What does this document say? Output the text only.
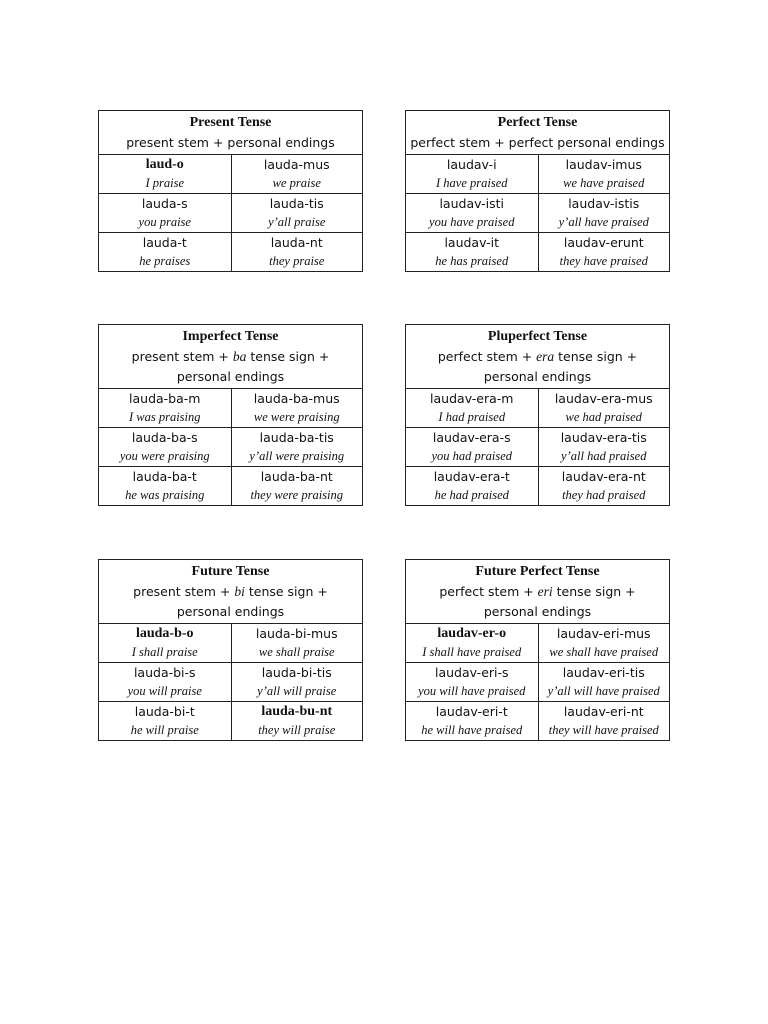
Present Tense
present stem + personal endings
laud-o
I praise
lauda-mus
we praise
lauda-s
you praise
lauda-tis
y’all praise
lauda-t
he praises
lauda-nt
they praise
Perfect Tense
perfect stem + perfect personal endings
laudav-i
I have praised
laudav-imus
we have praised
laudav-isti
you have praised
laudav-istis
y’all have praised
laudav-it
he has praised
laudav-erunt
they have praised
Imperfect Tense
present stem + ba tense sign +
personal endings
lauda-ba-m
I was praising
lauda-ba-mus
we were praising
lauda-ba-s
you were praising
lauda-ba-tis
y’all were praising
lauda-ba-t
he was praising
lauda-ba-nt
they were praising
Pluperfect Tense
perfect stem + era tense sign +
personal endings
laudav-era-m
I had praised
laudav-era-mus
we had praised
laudav-era-s
you had praised
laudav-era-tis
y’all had praised
laudav-era-t
he had praised
laudav-era-nt
they had praised
Future Tense
present stem + bi tense sign +
personal endings
lauda-b-o
I shall praise
lauda-bi-mus
we shall praise
lauda-bi-s
you will praise
lauda-bi-tis
y’all will praise
lauda-bi-t
he will praise
lauda-bu-nt
they will praise
Future Perfect Tense
perfect stem + eri tense sign +
personal endings
laudav-er-o
I shall have praised
laudav-eri-mus
we shall have praised
laudav-eri-s
you will have praised
laudav-eri-tis
y’all will have praised
laudav-eri-t
he will have praised
laudav-eri-nt
they will have praised
